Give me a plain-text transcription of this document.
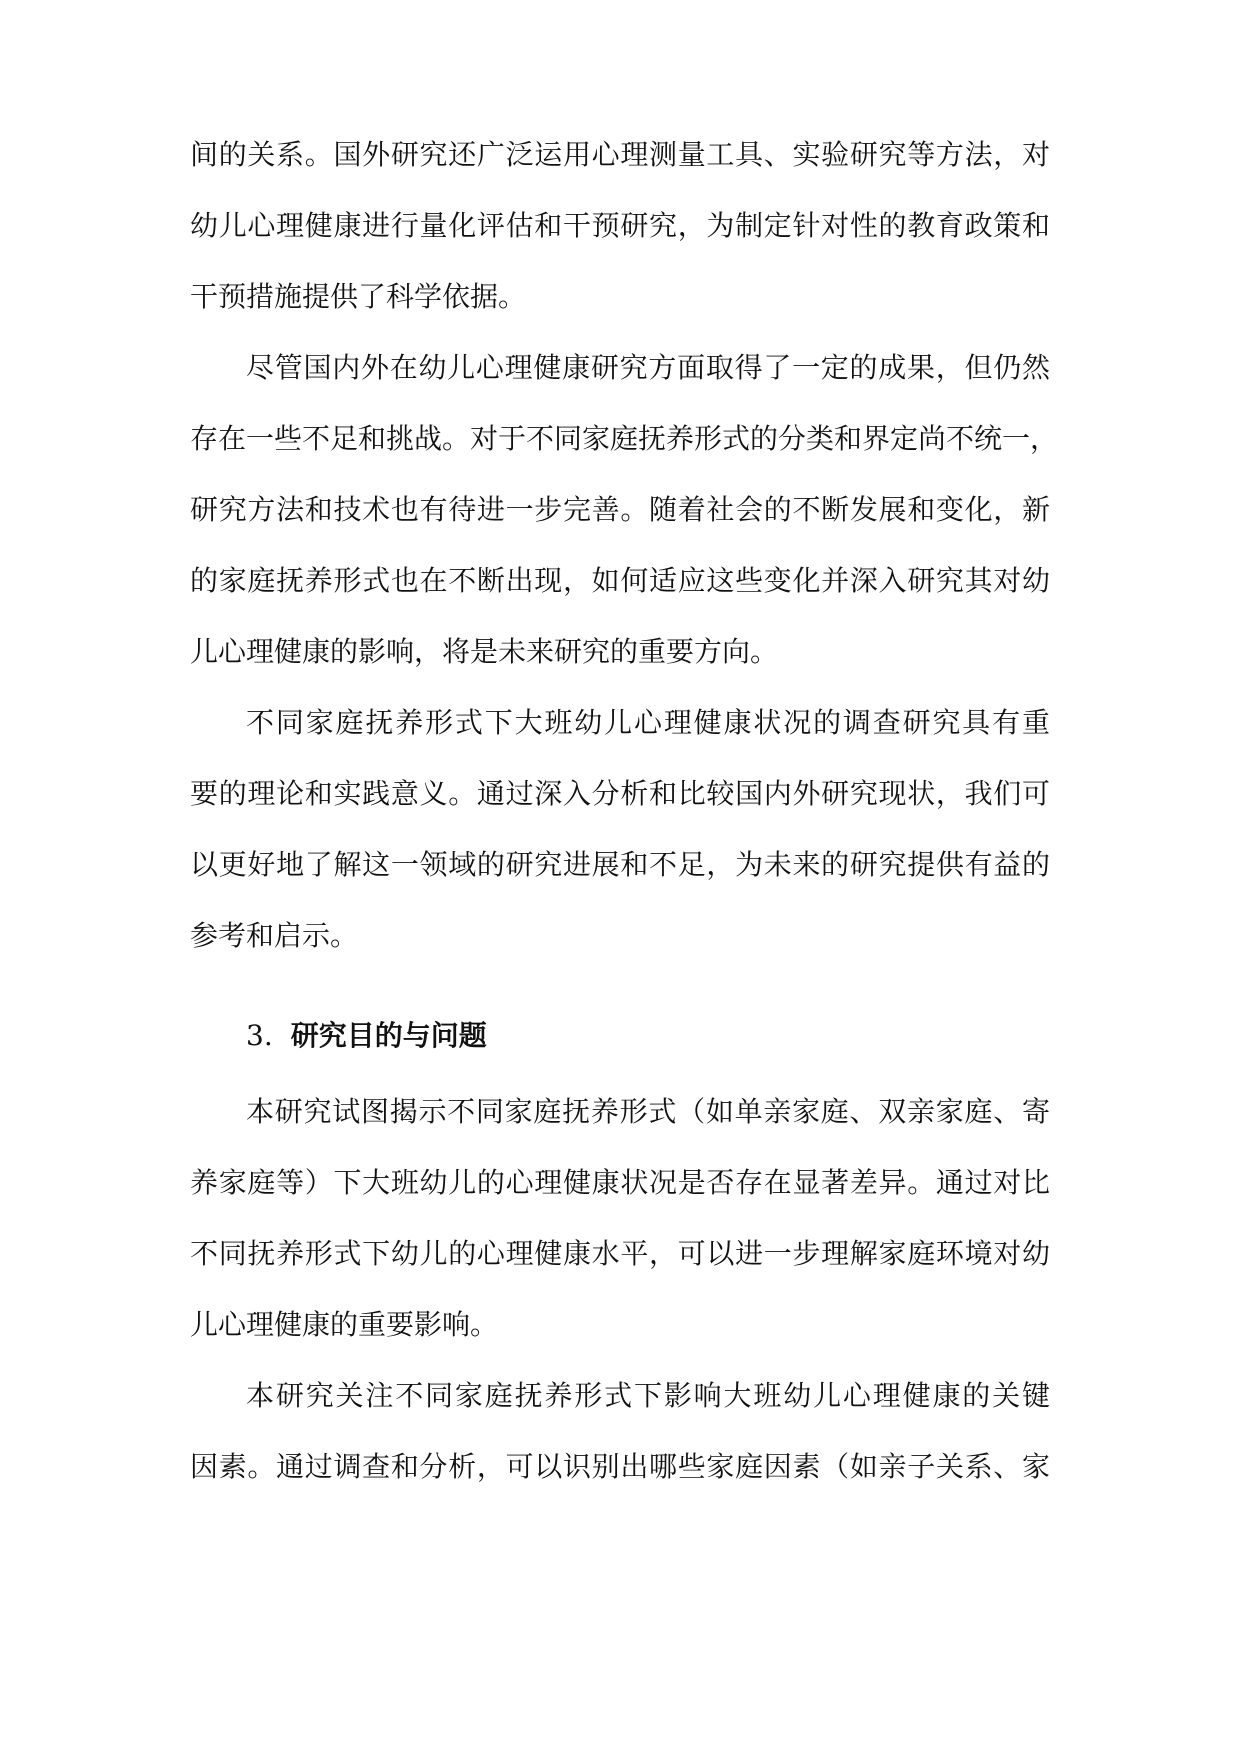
间的关系。国外研究还广泛运用心理测量工具、实验研究等方法，对
幼儿心理健康进行量化评估和干预研究，为制定针对性的教育政策和
干预措施提供了科学依据。
尽管国内外在幼儿心理健康研究方面取得了一定的成果，但仍然
存在一些不足和挑战。对于不同家庭抚养形式的分类和界定尚不统一，
研究方法和技术也有待进一步完善。随着社会的不断发展和变化，新
的家庭抚养形式也在不断出现，如何适应这些变化并深入研究其对幼
儿心理健康的影响，将是未来研究的重要方向。
不同家庭抚养形式下大班幼儿心理健康状况的调查研究具有重
要的理论和实践意义。通过深入分析和比较国内外研究现状，我们可
以更好地了解这一领域的研究进展和不足，为未来的研究提供有益的
参考和启示。
3. 研究目的与问题
本研究试图揭示不同家庭抚养形式（如单亲家庭、双亲家庭、寄
养家庭等）下大班幼儿的心理健康状况是否存在显著差异。通过对比
不同抚养形式下幼儿的心理健康水平，可以进一步理解家庭环境对幼
儿心理健康的重要影响。
本研究关注不同家庭抚养形式下影响大班幼儿心理健康的关键
因素。通过调查和分析，可以识别出哪些家庭因素（如亲子关系、家
